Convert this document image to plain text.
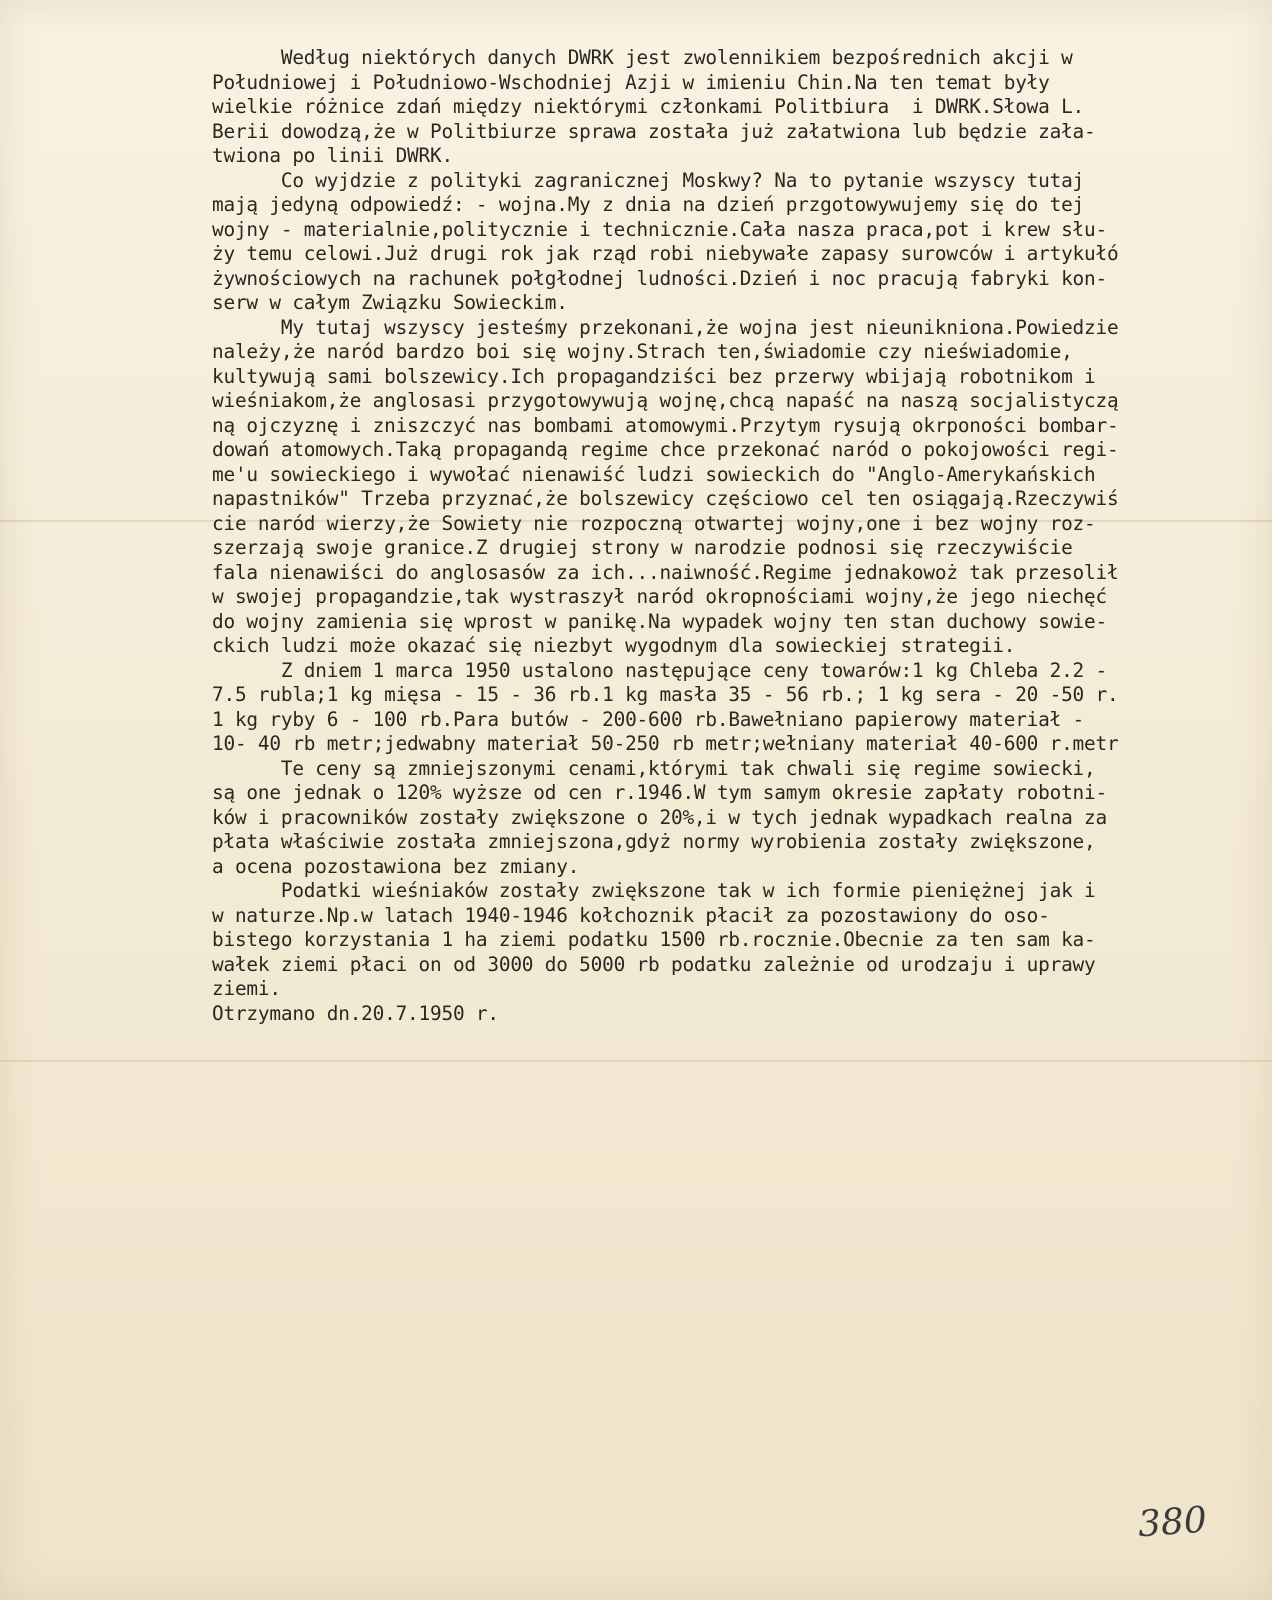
Według niektórych danych DWRK jest zwolennikiem bezpośrednich akcji w
Południowej i Południowo-Wschodniej Azji w imieniu Chin.Na ten temat były
wielkie różnice zdań między niektórymi członkami Politbiura  i DWRK.Słowa L.
Berii dowodzą,że w Politbiurze sprawa została już załatwiona lub będzie zała-
twiona po linii DWRK.
Co wyjdzie z polityki zagranicznej Moskwy? Na to pytanie wszyscy tutaj
mają jedyną odpowiedź: - wojna.My z dnia na dzień przgotowywujemy się do tej
wojny - materialnie,politycznie i technicznie.Cała nasza praca,pot i krew słu-
ży temu celowi.Już drugi rok jak rząd robi niebywałe zapasy surowców i artykułó
żywnościowych na rachunek połgłodnej ludności.Dzień i noc pracują fabryki kon-
serw w całym Związku Sowieckim.
My tutaj wszyscy jesteśmy przekonani,że wojna jest nieunikniona.Powiedzie
należy,że naród bardzo boi się wojny.Strach ten,świadomie czy nieświadomie,
kultywują sami bolszewicy.Ich propagandziści bez przerwy wbijają robotnikom i
wieśniakom,że anglosasi przygotowywują wojnę,chcą napaść na naszą socjalistyczą
ną ojczyznę i zniszczyć nas bombami atomowymi.Przytym rysują okrponości bombar-
dowań atomowych.Taką propagandą regime chce przekonać naród o pokojowości regi-
me'u sowieckiego i wywołać nienawiść ludzi sowieckich do "Anglo-Amerykańskich
napastników" Trzeba przyznać,że bolszewicy częściowo cel ten osiągają.Rzeczywiś
cie naród wierzy,że Sowiety nie rozpoczną otwartej wojny,one i bez wojny roz-
szerzają swoje granice.Z drugiej strony w narodzie podnosi się rzeczywiście
fala nienawiści do anglosasów za ich...naiwność.Regime jednakowoż tak przesolił
w swojej propagandzie,tak wystraszył naród okropnościami wojny,że jego niechęć
do wojny zamienia się wprost w panikę.Na wypadek wojny ten stan duchowy sowie-
ckich ludzi może okazać się niezbyt wygodnym dla sowieckiej strategii.
Z dniem 1 marca 1950 ustalono następujące ceny towarów:1 kg Chleba 2.2 -
7.5 rubla;1 kg mięsa - 15 - 36 rb.1 kg masła 35 - 56 rb.; 1 kg sera - 20 -50 r.
1 kg ryby 6 - 100 rb.Para butów - 200-600 rb.Bawełniano papierowy materiał -
10- 40 rb metr;jedwabny materiał 50-250 rb metr;wełniany materiał 40-600 r.metr
Te ceny są zmniejszonymi cenami,którymi tak chwali się regime sowiecki,
są one jednak o 120% wyższe od cen r.1946.W tym samym okresie zapłaty robotni-
ków i pracowników zostały zwiększone o 20%,i w tych jednak wypadkach realna za
płata właściwie została zmniejszona,gdyż normy wyrobienia zostały zwiększone,
a ocena pozostawiona bez zmiany.
Podatki wieśniaków zostały zwiększone tak w ich formie pieniężnej jak i
w naturze.Np.w latach 1940-1946 kołchoznik płacił za pozostawiony do oso-
bistego korzystania 1 ha ziemi podatku 1500 rb.rocznie.Obecnie za ten sam ka-
wałek ziemi płaci on od 3000 do 5000 rb podatku zależnie od urodzaju i uprawy
ziemi.
Otrzymano dn.20.7.1950 r.
380
